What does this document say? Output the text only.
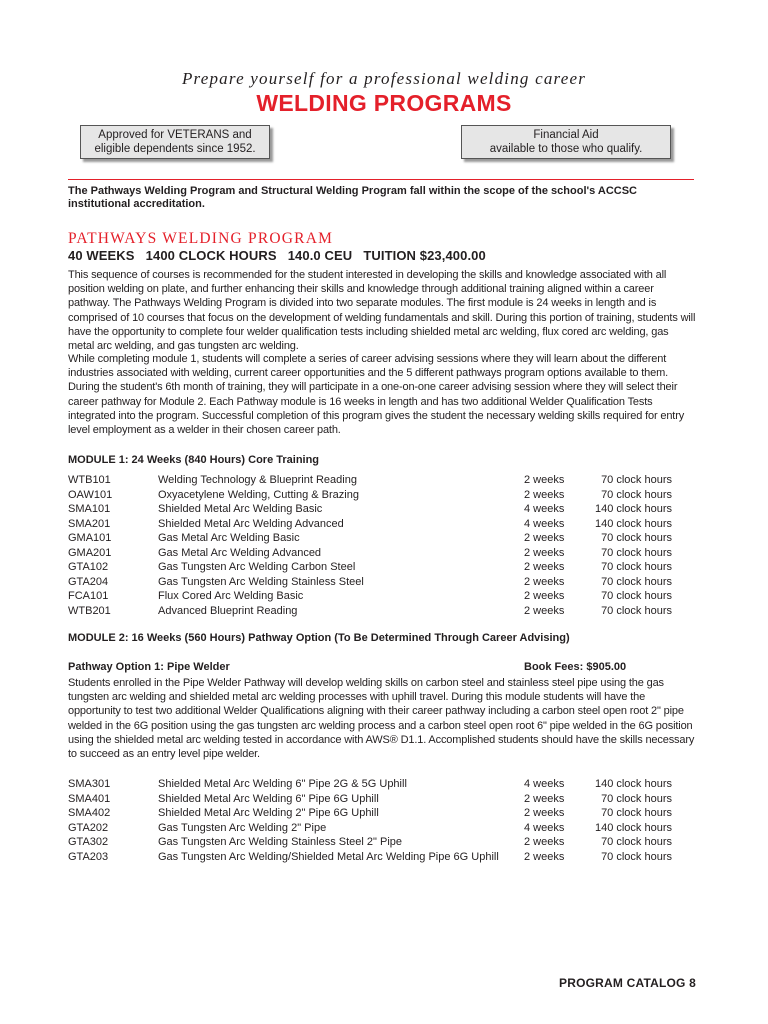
Prepare yourself for a professional welding career
WELDING PROGRAMS
Approved for VETERANS and
eligible dependents since 1952.
Financial Aid
available to those who qualify.
The Pathways Welding Program and Structural Welding Program fall within the scope of the school's ACCSC institutional accreditation.
PATHWAYS WELDING PROGRAM
40 WEEKS   1400 CLOCK HOURS   140.0 CEU   TUITION $23,400.00
This sequence of courses is recommended for the student interested in developing the skills and knowledge associated with all position welding on plate, and further enhancing their skills and knowledge through additional training aligned within a career pathway. The Pathways Welding Program is divided into two separate modules. The first module is 24 weeks in length and is comprised of 10 courses that focus on the development of welding fundamentals and skill. During this portion of training, students will have the opportunity to complete four welder qualification tests including shielded metal arc welding, flux cored arc welding, gas metal arc welding, and gas tungsten arc welding.
While completing module 1, students will complete a series of career advising sessions where they will learn about the different industries associated with welding, current career opportunities and the 5 different pathways program options available to them. During the student's 6th month of training, they will participate in a one-on-one career advising session where they will select their career pathway for Module 2. Each Pathway module is 16 weeks in length and has two additional Welder Qualification Tests integrated into the program. Successful completion of this program gives the student the necessary welding skills required for entry level employment as a welder in their chosen career path.
MODULE 1: 24 Weeks (840 Hours) Core Training
WTB101	Welding Technology & Blueprint Reading	2 weeks	70 clock hours
OAW101	Oxyacetylene Welding, Cutting & Brazing	2 weeks	70 clock hours
SMA101	Shielded Metal Arc Welding Basic	4 weeks	140 clock hours
SMA201	Shielded Metal Arc Welding Advanced	4 weeks	140 clock hours
GMA101	Gas Metal Arc Welding Basic	2 weeks	70 clock hours
GMA201	Gas Metal Arc Welding Advanced	2 weeks	70 clock hours
GTA102	Gas Tungsten Arc Welding Carbon Steel	2 weeks	70 clock hours
GTA204	Gas Tungsten Arc Welding Stainless Steel	2 weeks	70 clock hours
FCA101	Flux Cored Arc Welding Basic	2 weeks	70 clock hours
WTB201	Advanced Blueprint Reading	2 weeks	70 clock hours
MODULE 2: 16 Weeks (560 Hours) Pathway Option (To Be Determined Through Career Advising)
Pathway Option 1: Pipe Welder	Book Fees: $905.00
Students enrolled in the Pipe Welder Pathway will develop welding skills on carbon steel and stainless steel pipe using the gas tungsten arc welding and shielded metal arc welding processes with uphill travel. During this module students will have the opportunity to test two additional Welder Qualifications aligning with their career pathway including a carbon steel open root 2" pipe welded in the 6G position using the gas tungsten arc welding process and a carbon steel open root 6" pipe welded in the 6G position using the shielded metal arc welding tested in accordance with AWS® D1.1. Accomplished students should have the skills necessary to succeed as an entry level pipe welder.
SMA301	Shielded Metal Arc Welding 6" Pipe 2G & 5G Uphill	4 weeks	140 clock hours
SMA401	Shielded Metal Arc Welding 6" Pipe 6G Uphill	2 weeks	70 clock hours
SMA402	Shielded Metal Arc Welding 2" Pipe 6G Uphill	2 weeks	70 clock hours
GTA202	Gas Tungsten Arc Welding 2" Pipe	4 weeks	140 clock hours
GTA302	Gas Tungsten Arc Welding Stainless Steel 2" Pipe	2 weeks	70 clock hours
GTA203	Gas Tungsten Arc Welding/Shielded Metal Arc Welding Pipe 6G Uphill 2 weeks	70 clock hours
PROGRAM CATALOG 8
